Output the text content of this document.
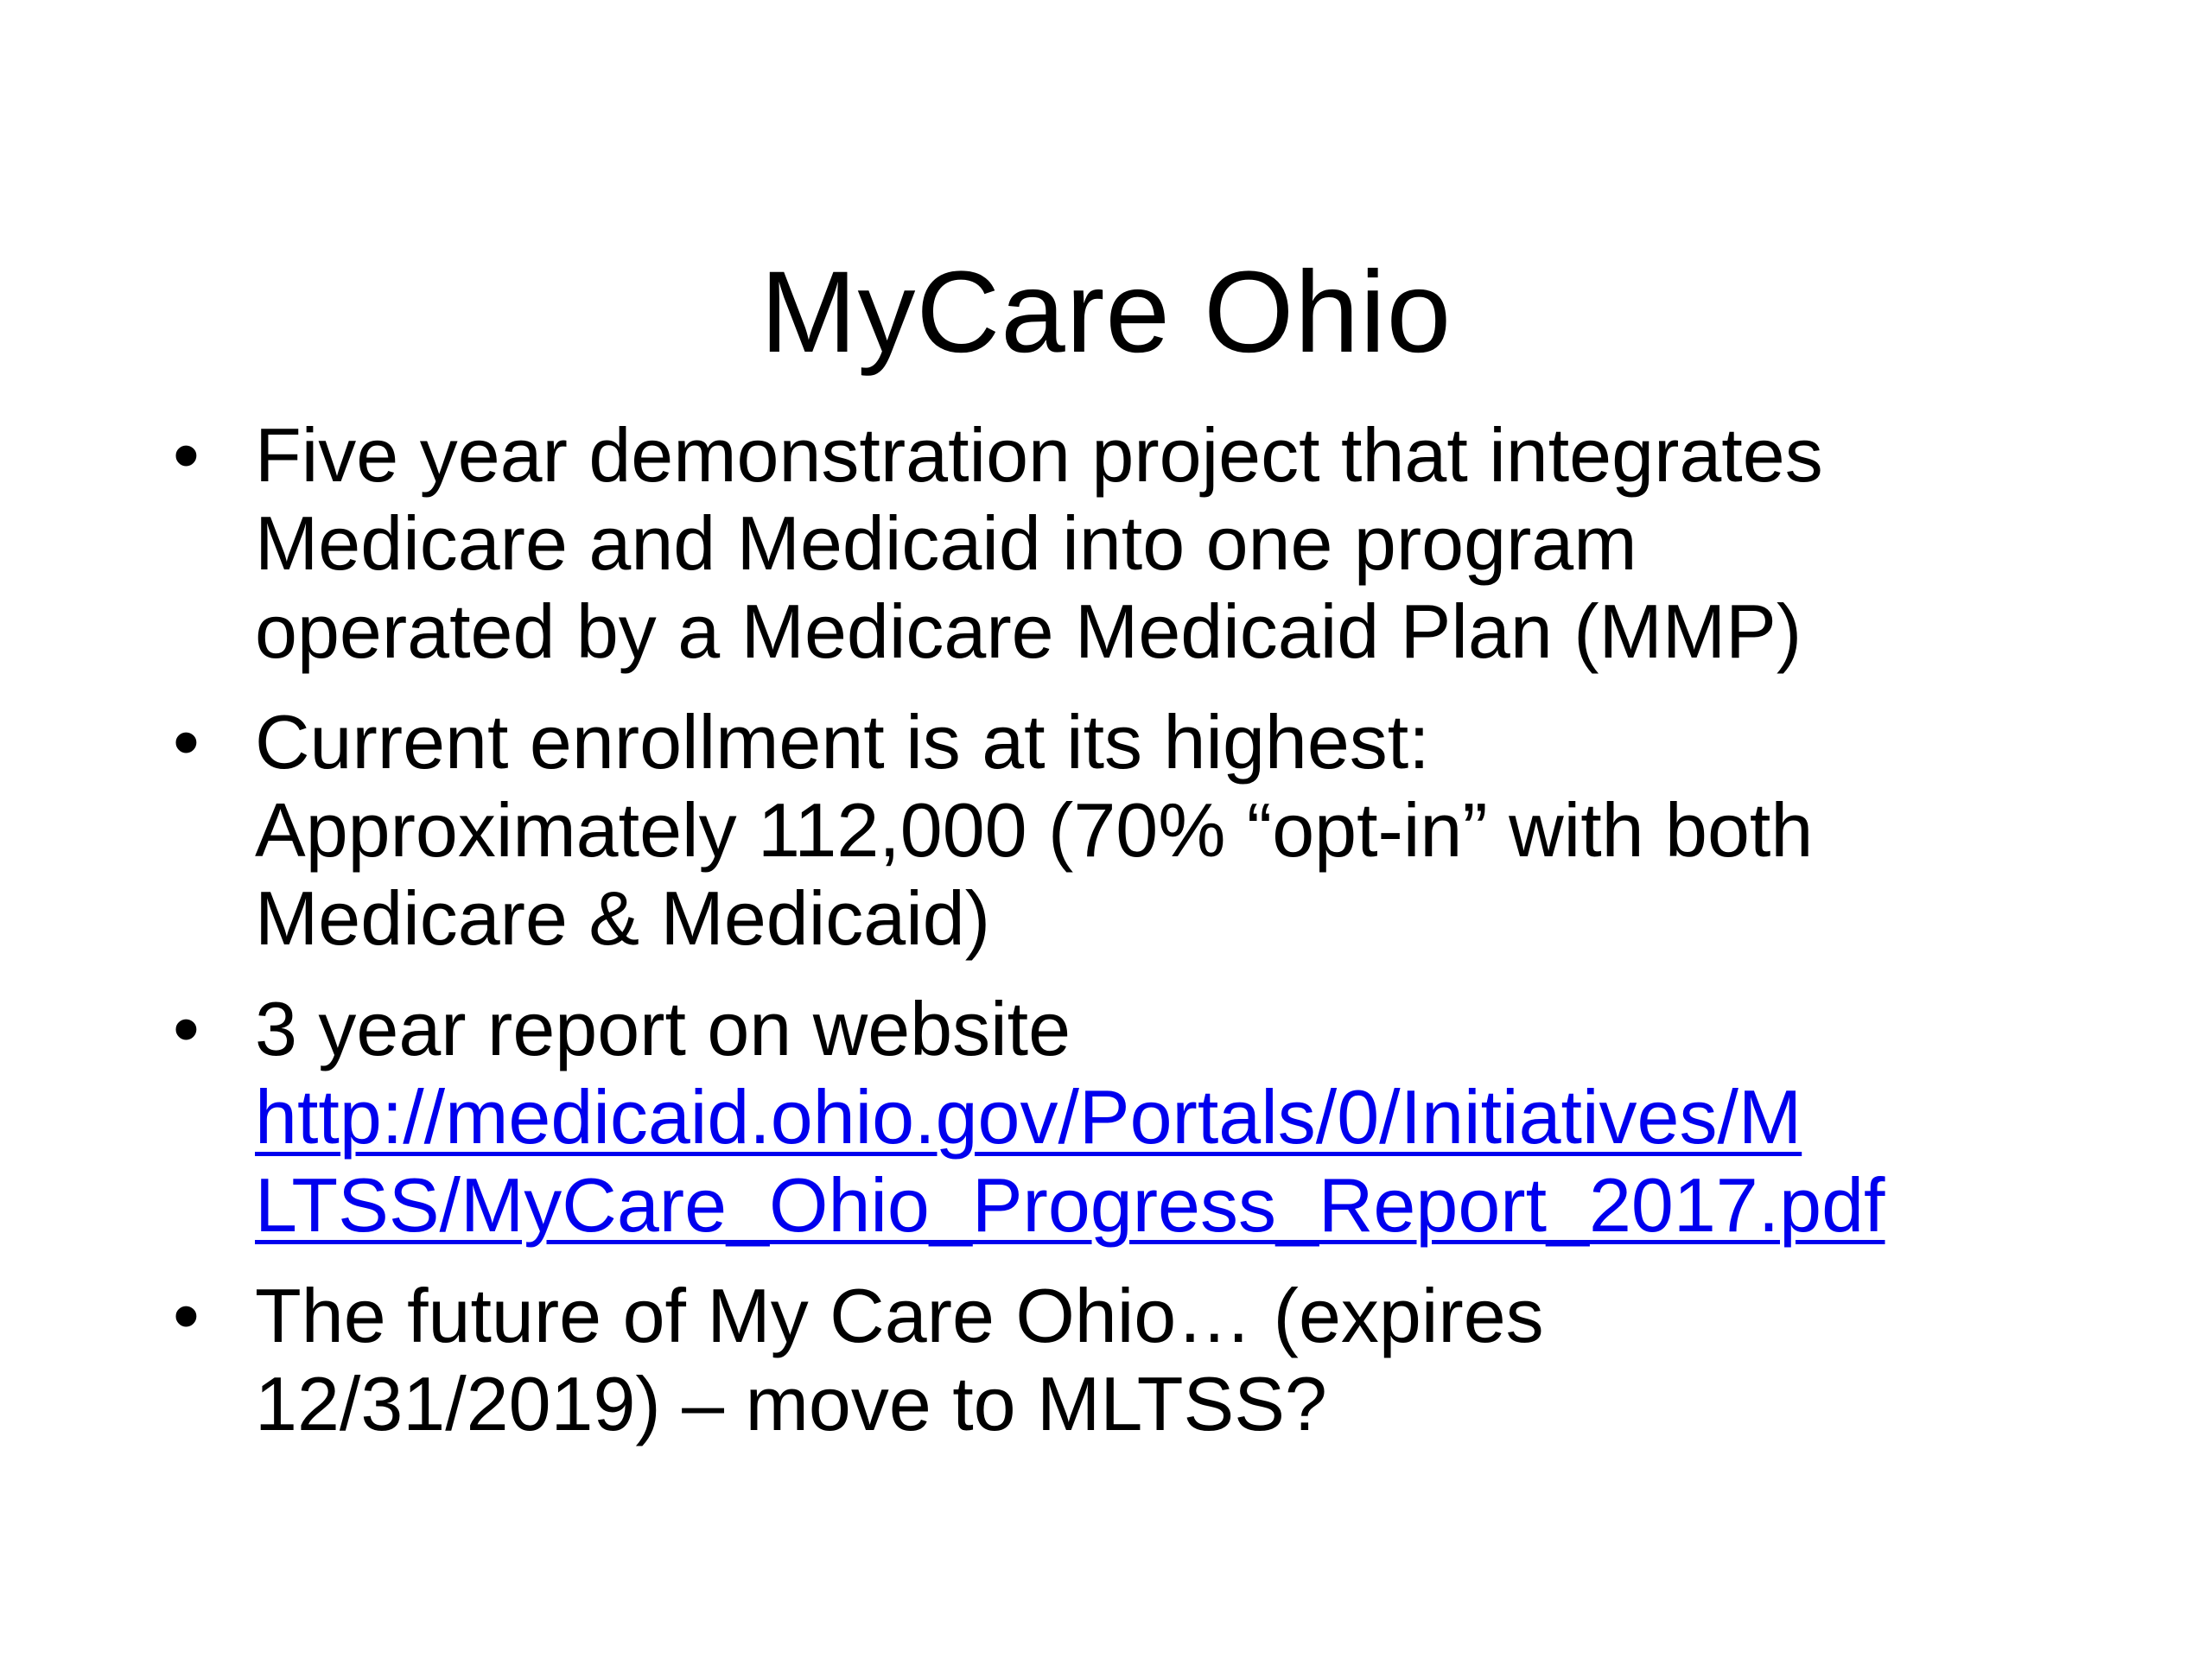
MyCare Ohio
• Five year demonstration project that integrates
Medicare and Medicaid into one program
operated by a Medicare Medicaid Plan (MMP)
• Current enrollment is at its highest:
Approximately 112,000 (70% “opt-in” with both
Medicare & Medicaid)
• 3 year report on website
http://medicaid.ohio.gov/Portals/0/Initiatives/M
LTSS/MyCare_Ohio_Progress_Report_2017.pdf
• The future of My Care Ohio… (expires
12/31/2019) – move to MLTSS?
